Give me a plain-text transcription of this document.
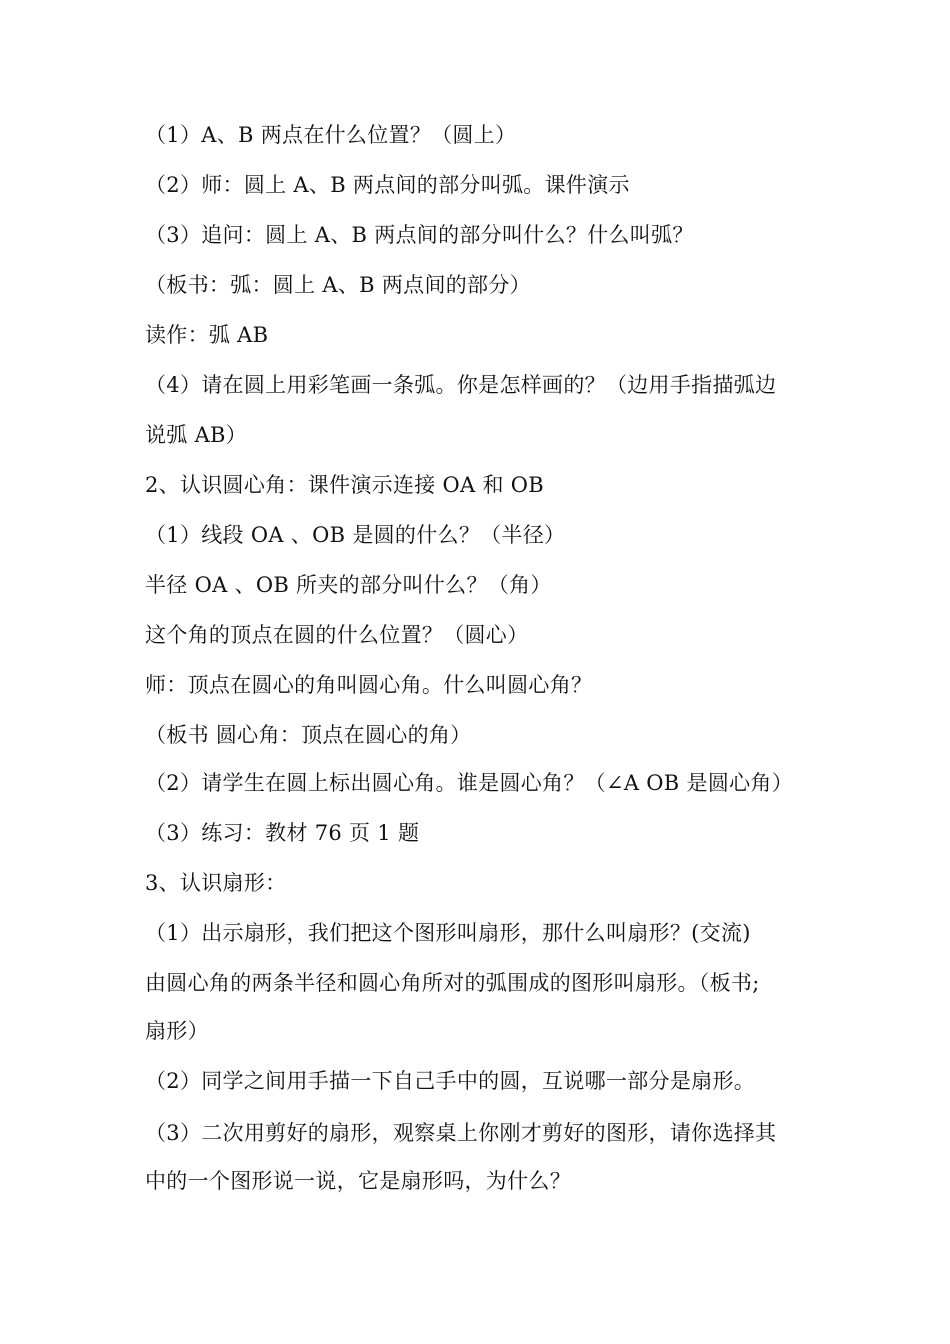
（1）A、B 两点在什么位置？（圆上）
（2）师：圆上 A、B 两点间的部分叫弧。课件演示
（3）追问：圆上 A、B 两点间的部分叫什么？什么叫弧？
（板书：弧：圆上 A、B 两点间的部分）
读作：弧 AB
（4）请在圆上用彩笔画一条弧。你是怎样画的？（边用手指描弧边
说弧 AB）
2、认识圆心角：课件演示连接 OA 和 OB
（1）线段 OA 、OB 是圆的什么？（半径）
半径 OA 、OB 所夹的部分叫什么？（角）
这个角的顶点在圆的什么位置？（圆心）
师：顶点在圆心的角叫圆心角。什么叫圆心角？
（板书 圆心角：顶点在圆心的角）
（2）请学生在圆上标出圆心角。谁是圆心角？（∠A OB 是圆心角）
（3）练习：教材 76 页 1 题
3、认识扇形：
（1）出示扇形，我们把这个图形叫扇形，那什么叫扇形？(交流)
由圆心角的两条半径和圆心角所对的弧围成的图形叫扇形。（板书;
扇形）
（2）同学之间用手描一下自己手中的圆，互说哪一部分是扇形。
（3）二次用剪好的扇形，观察桌上你刚才剪好的图形，请你选择其
中的一个图形说一说，它是扇形吗，为什么？
